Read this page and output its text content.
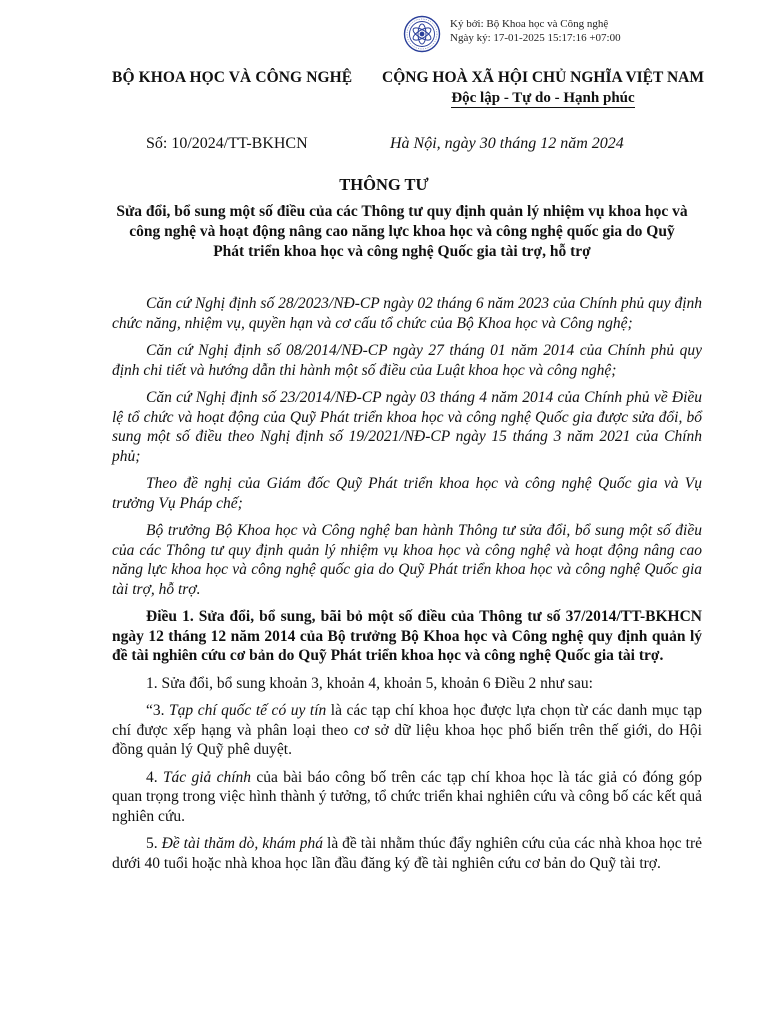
Ký bởi: Bộ Khoa học và Công nghệ
Ngày ký: 17-01-2025 15:17:16 +07:00
BỘ KHOA HỌC VÀ CÔNG NGHỆ CỘNG HOÀ XÃ HỘI CHỦ NGHĨA VIỆT NAM
Độc lập - Tự do - Hạnh phúc
Số: 10/2024/TT-BKHCN	Hà Nội, ngày 30 tháng 12 năm 2024
THÔNG TƯ
Sửa đổi, bổ sung một số điều của các Thông tư quy định quản lý nhiệm vụ khoa học và công nghệ và hoạt động nâng cao năng lực khoa học và công nghệ quốc gia do Quỹ Phát triển khoa học và công nghệ Quốc gia tài trợ, hỗ trợ

Căn cứ Nghị định số 28/2023/NĐ-CP ngày 02 tháng 6 năm 2023 của Chính phủ quy định chức năng, nhiệm vụ, quyền hạn và cơ cấu tổ chức của Bộ Khoa học và Công nghệ;

Căn cứ Nghị định số 08/2014/NĐ-CP ngày 27 tháng 01 năm 2014 của Chính phủ quy định chi tiết và hướng dẫn thi hành một số điều của Luật khoa học và công nghệ;

Căn cứ Nghị định số 23/2014/NĐ-CP ngày 03 tháng 4 năm 2014 của Chính phủ về Điều lệ tổ chức và hoạt động của Quỹ Phát triển khoa học và công nghệ Quốc gia được sửa đổi, bổ sung một số điều theo Nghị định số 19/2021/NĐ-CP ngày 15 tháng 3 năm 2021 của Chính phủ;

Theo đề nghị của Giám đốc Quỹ Phát triển khoa học và công nghệ Quốc gia và Vụ trưởng Vụ Pháp chế;

Bộ trưởng Bộ Khoa học và Công nghệ ban hành Thông tư sửa đổi, bổ sung một số điều của các Thông tư quy định quản lý nhiệm vụ khoa học và công nghệ và hoạt động nâng cao năng lực khoa học và công nghệ quốc gia do Quỹ Phát triển khoa học và công nghệ Quốc gia tài trợ, hỗ trợ.

Điều 1. Sửa đổi, bổ sung, bãi bỏ một số điều của Thông tư số 37/2014/TT-BKHCN ngày 12 tháng 12 năm 2014 của Bộ trưởng Bộ Khoa học và Công nghệ quy định quản lý đề tài nghiên cứu cơ bản do Quỹ Phát triển khoa học và công nghệ Quốc gia tài trợ.

1. Sửa đổi, bổ sung khoản 3, khoản 4, khoản 5, khoản 6 Điều 2 như sau:

“3. Tạp chí quốc tế có uy tín là các tạp chí khoa học được lựa chọn từ các danh mục tạp chí được xếp hạng và phân loại theo cơ sở dữ liệu khoa học phổ biến trên thế giới, do Hội đồng quản lý Quỹ phê duyệt.

4. Tác giả chính của bài báo công bố trên các tạp chí khoa học là tác giả có đóng góp quan trọng trong việc hình thành ý tưởng, tổ chức triển khai nghiên cứu và công bố các kết quả nghiên cứu.

5. Đề tài thăm dò, khám phá là đề tài nhằm thúc đẩy nghiên cứu của các nhà khoa học trẻ dưới 40 tuổi hoặc nhà khoa học lần đầu đăng ký đề tài nghiên cứu cơ bản do Quỹ tài trợ.
